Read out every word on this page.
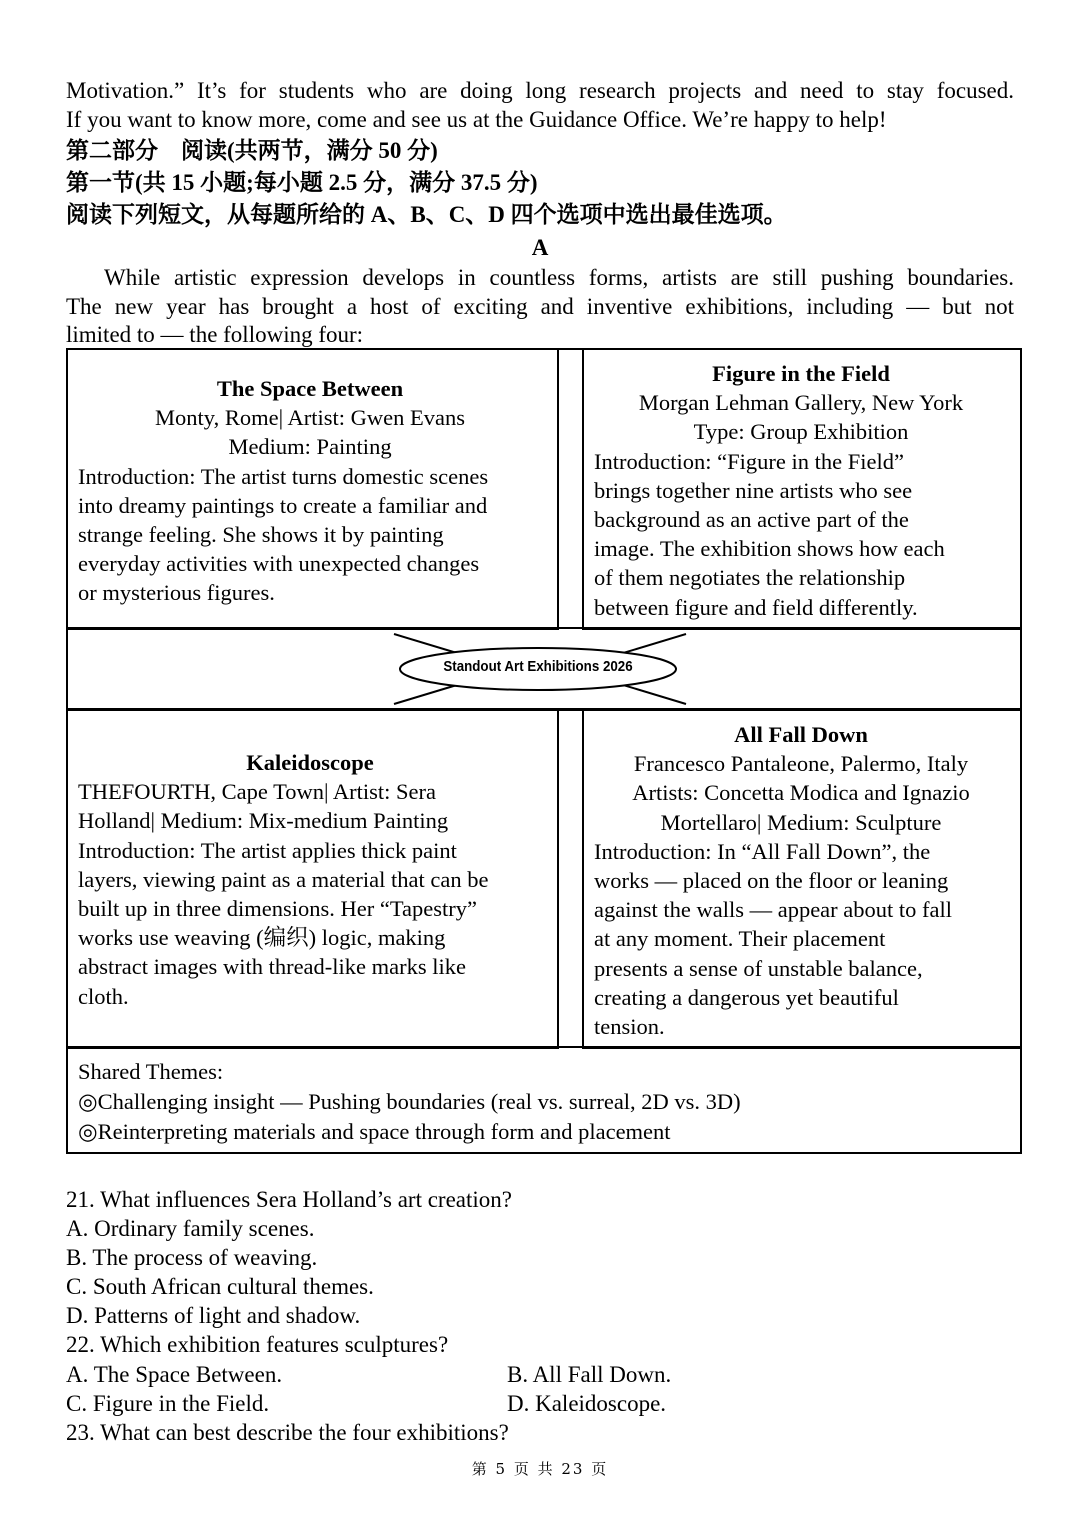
Motivation.” It’s for students who are doing long research projects and need to stay focused.
If you want to know more, come and see us at the Guidance Office. We’re happy to help!
第二部分　阅读(共两节，满分 50 分)
第一节(共 15 小题;每小题 2.5 分，满分 37.5 分)
阅读下列短文，从每题所给的 A、B、C、D 四个选项中选出最佳选项。
A
While artistic expression develops in countless forms, artists are still pushing boundaries.
The new year has brought a host of exciting and inventive exhibitions, including — but not
limited to — the following four:
The Space Between
Monty, Rome| Artist: Gwen Evans
Medium: Painting
Introduction: The artist turns domestic scenes
into dreamy paintings to create a familiar and
strange feeling. She shows it by painting
everyday activities with unexpected changes
or mysterious figures.
Figure in the Field
Morgan Lehman Gallery, New York
Type: Group Exhibition
Introduction: “Figure in the Field”
brings together nine artists who see
background as an active part of the
image. The exhibition shows how each
of them negotiates the relationship
between figure and field differently.
Standout Art Exhibitions 2026
Kaleidoscope
THEFOURTH, Cape Town| Artist: Sera
Holland| Medium: Mix-medium Painting
Introduction: The artist applies thick paint
layers, viewing paint as a material that can be
built up in three dimensions. Her “Tapestry”
works use weaving (编织) logic, making
abstract images with thread-like marks like
cloth.
All Fall Down
Francesco Pantaleone, Palermo, Italy
Artists: Concetta Modica and Ignazio
Mortellaro| Medium: Sculpture
Introduction: In “All Fall Down”, the
works — placed on the floor or leaning
against the walls — appear about to fall
at any moment. Their placement
presents a sense of unstable balance,
creating a dangerous yet beautiful
tension.
Shared Themes:
◎Challenging insight — Pushing boundaries (real vs. surreal, 2D vs. 3D)
◎Reinterpreting materials and space through form and placement
21. What influences Sera Holland’s art creation?
A. Ordinary family scenes.
B. The process of weaving.
C. South African cultural themes.
D. Patterns of light and shadow.
22. Which exhibition features sculptures?
A. The Space Between.	B. All Fall Down.
C. Figure in the Field.	D. Kaleidoscope.
23. What can best describe the four exhibitions?
第 5 页 共 23 页
